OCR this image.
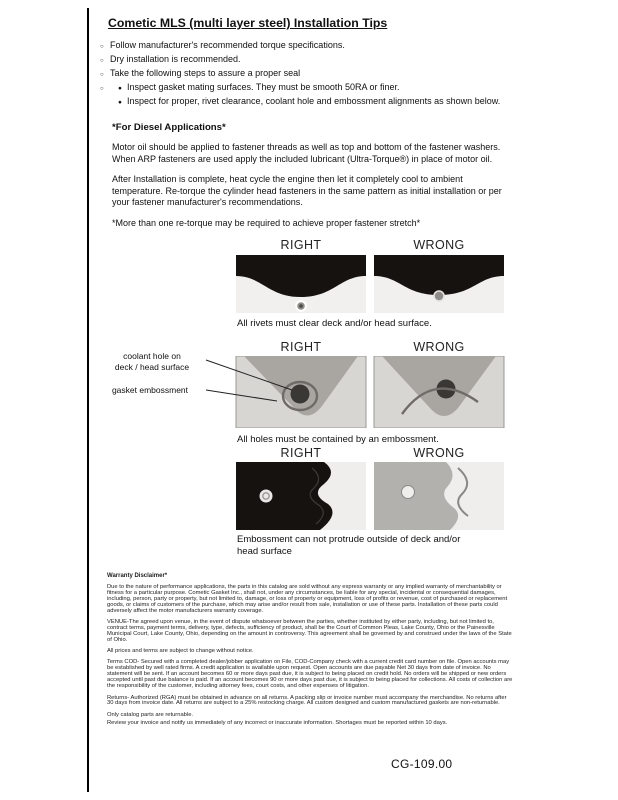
Cometic MLS (multi layer steel) Installation Tips
○ Follow manufacturer's recommended torque specifications.
○ Dry installation is recommended.
○ Take the following steps to assure a proper seal
● ○ Inspect gasket mating surfaces. They must be smooth 50RA or finer.
● Inspect for proper, rivet clearance, coolant hole and embossment alignments as shown below.
*For Diesel Applications*

Motor oil should be applied to fastener threads as well as top and bottom of the fastener washers. When ARP fasteners are used apply the included lubricant (Ultra-Torque®) in place of motor oil.

After Installation is complete, heat cycle the engine then let it completely cool to ambient temperature. Re-torque the cylinder head fasteners in the same pattern as initial installation or per your fastener manufacturer's recommendations.

*More than one re-torque may be required to achieve proper fastener stretch*
RIGHT	WRONG
All rivets must clear deck and/or head surface.
RIGHT	WRONG
coolant hole on
deck / head surface
gasket embossment
All holes must be contained by an embossment.
RIGHT	WRONG
Embossment can not protrude outside of deck and/or head surface
Warranty Disclaimer*

Due to the nature of performance applications, the parts in this catalog are sold without any express warranty or any implied warranty of merchantability or fitness for a particular purpose. Cometic Gasket Inc., shall not, under any circumstances, be liable for any special, incidental or consequential damages, including, person, party or property, but not limited to, damage, or loss of property or equipment, loss of profits or revenue, cost of purchased or replacement goods, or claims of customers of the purchase, which may arise and/or result from sale, installation or use of these parts. Installation of these parts could adversely affect the motor manufacturers warranty coverage.

VENUE-The agreed upon venue, in the event of dispute whatsoever between the parties, whether instituted by either party, including, but not limited to, contract terms, payment terms, delivery, type, defects, sufficiency of product, shall be the Court of Common Pleas, Lake County, Ohio or the Painesville Municipal Court, Lake County, Ohio, depending on the amount in controversy. This agreement shall be governed by and construed under the laws of the State of Ohio.

All prices and terms are subject to change without notice.

Terms COD- Secured with a completed dealer/jobber application on File, COD-Company check with a current credit card number on file. Open accounts may be established by well rated firms. A credit application is available upon request. Open accounts are due payable Net 30 days from date of invoice. No statement will be sent. If an account becomes 60 or more days past due, it is subject to being placed on credit hold. No orders will be shipped or new orders accepted until past due balance is paid. If an account becomes 90 or more days past due, it is subject to being placed for collections. All costs of collection are the responsibility of the customer, including attorney fees, court costs, and other expenses of litigation.

Returns- Authorized (RGA) must be obtained in advance on all returns. A packing slip or invoice number must accompany the merchandise. No returns after 30 days from invoice date. All returns are subject to a 25% restocking charge. All custom designed and custom manufactured gaskets are non-returnable.

Only catalog parts are returnable.

Review your invoice and notify us immediately of any incorrect or inaccurate information. Shortages must be reported within 10 days.

CG-109.00
